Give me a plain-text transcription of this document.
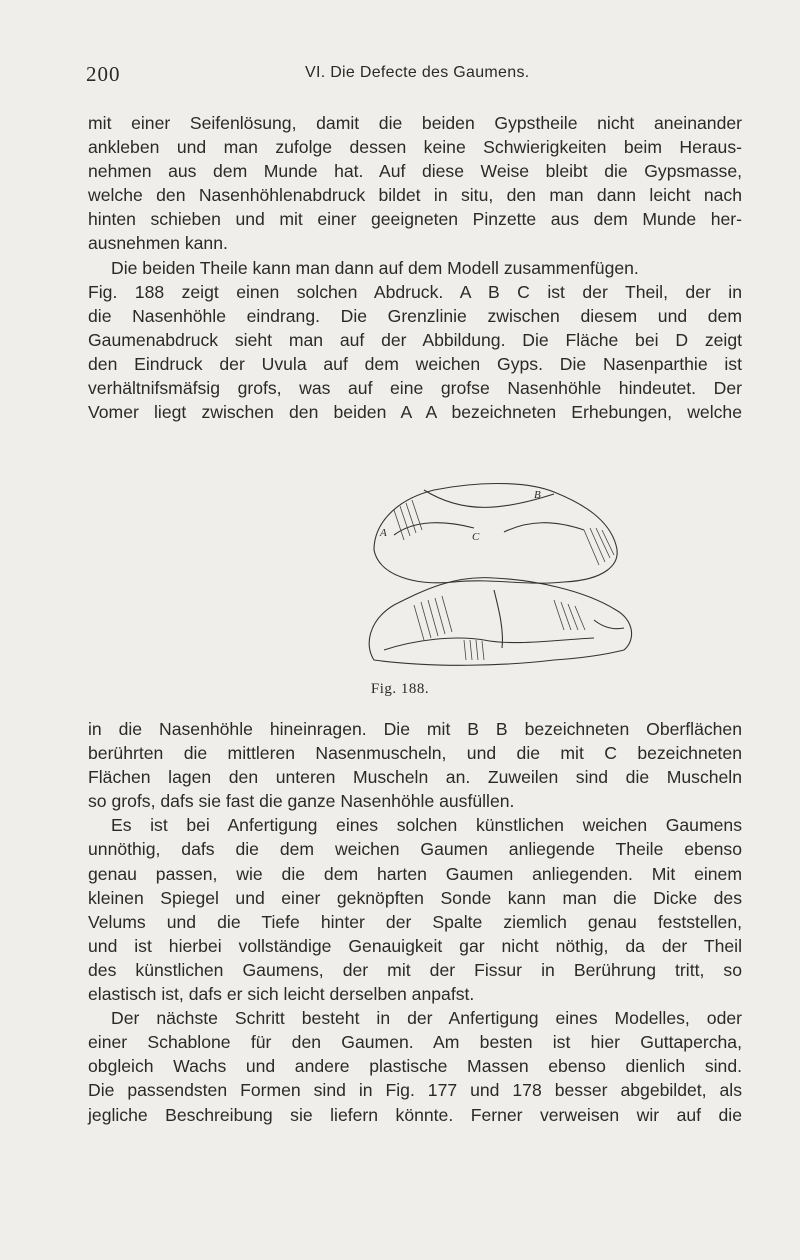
200	VI. Die Defecte des Gaumens.
mit einer Seifenlösung, damit die beiden Gypstheile nicht aneinander
ankleben und man zufolge dessen keine Schwierigkeiten beim Heraus-
nehmen aus dem Munde hat. Auf diese Weise bleibt die Gypsmasse,
welche den Nasenhöhlenabdruck bildet in situ, den man dann leicht nach
hinten schieben und mit einer geeigneten Pinzette aus dem Munde her-
ausnehmen kann.
Die beiden Theile kann man dann auf dem Modell zusammenfügen.
Fig. 188 zeigt einen solchen Abdruck. A B C ist der Theil, der in
die Nasenhöhle eindrang. Die Grenzlinie zwischen diesem und dem
Gaumenabdruck sieht man auf der Abbildung. Die Fläche bei D zeigt
den Eindruck der Uvula auf dem weichen Gyps. Die Nasenparthie ist
verhältnifsmäfsig grofs, was auf eine grofse Nasenhöhle hindeutet. Der
Vomer liegt zwischen den beiden A A bezeichneten Erhebungen, welche
A
B
C
Fig. 188.
in die Nasenhöhle hineinragen. Die mit B B bezeichneten Oberflächen
berührten die mittleren Nasenmuscheln, und die mit C bezeichneten
Flächen lagen den unteren Muscheln an. Zuweilen sind die Muscheln
so grofs, dafs sie fast die ganze Nasenhöhle ausfüllen.
Es ist bei Anfertigung eines solchen künstlichen weichen Gaumens
unnöthig, dafs die dem weichen Gaumen anliegende Theile ebenso
genau passen, wie die dem harten Gaumen anliegenden. Mit einem
kleinen Spiegel und einer geknöpften Sonde kann man die Dicke des
Velums und die Tiefe hinter der Spalte ziemlich genau feststellen,
und ist hierbei vollständige Genauigkeit gar nicht nöthig, da der Theil
des künstlichen Gaumens, der mit der Fissur in Berührung tritt, so
elastisch ist, dafs er sich leicht derselben anpafst.
Der nächste Schritt besteht in der Anfertigung eines Modelles, oder
einer Schablone für den Gaumen. Am besten ist hier Guttapercha,
obgleich Wachs und andere plastische Massen ebenso dienlich sind.
Die passendsten Formen sind in Fig. 177 und 178 besser abgebildet, als
jegliche Beschreibung sie liefern könnte. Ferner verweisen wir auf die
